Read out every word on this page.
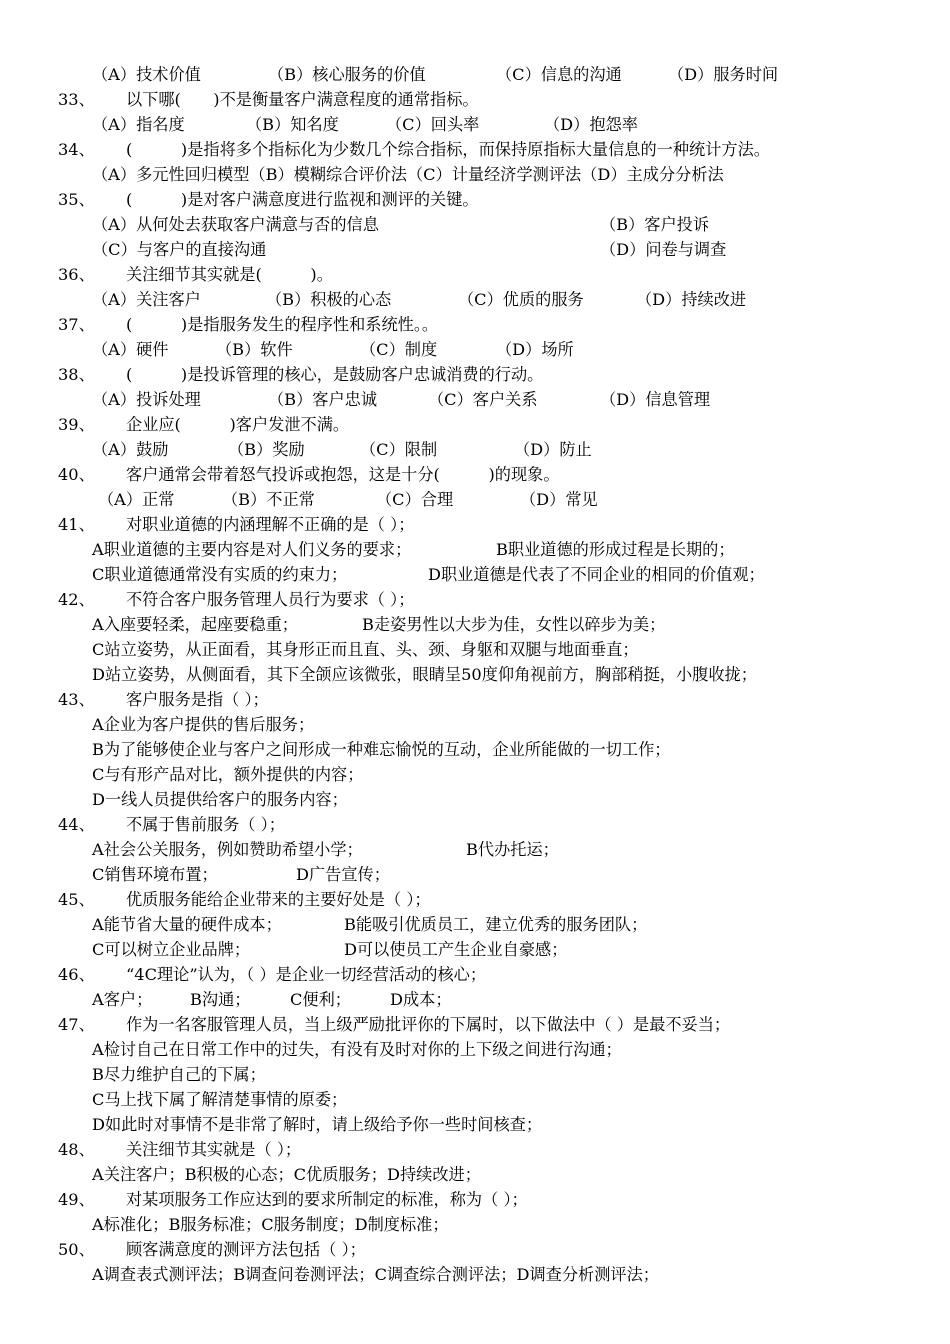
（A）技术价值	（B）核心服务的价值	（C）信息的沟通	（D）服务时间
33、 以下哪(　　)不是衡量客户满意程度的通常指标。
（A）指名度	（B）知名度	（C）回头率	（D）抱怨率
34、 (　　　)是指将多个指标化为少数几个综合指标，而保持原指标大量信息的一种统计方法。
（A）多元性回归模型（B）模糊综合评价法（C）计量经济学测评法（D）主成分分析法
35、 (　　　)是对客户满意度进行监视和测评的关键。
（A）从何处去获取客户满意与否的信息	（B）客户投诉
（C）与客户的直接沟通	（D）问卷与调查
36、 关注细节其实就是(　　　)。
（A）关注客户	（B）积极的心态	（C）优质的服务	（D）持续改进
37、 (　　　)是指服务发生的程序性和系统性。。
（A）硬件	（B）软件	（C）制度	（D）场所
38、 (　　　)是投诉管理的核心，是鼓励客户忠诚消费的行动。
（A）投诉处理	（B）客户忠诚	（C）客户关系	（D）信息管理
39、 企业应(　　　)客户发泄不满。
（A）鼓励	（B）奖励	（C）限制	（D）防止
40、 客户通常会带着怒气投诉或抱怨，这是十分(　　　)的现象。
（A）正常	（B）不正常	（C）合理	（D）常见
41、 对职业道德的内涵理解不正确的是（ ）；
A职业道德的主要内容是对人们义务的要求；	B职业道德的形成过程是长期的；
C职业道德通常没有实质的约束力；	D职业道德是代表了不同企业的相同的价值观；
42、 不符合客户服务管理人员行为要求（ ）；
A入座要轻柔，起座要稳重；	B走姿男性以大步为佳，女性以碎步为美；
C站立姿势，从正面看，其身形正而且直、头、颈、身躯和双腿与地面垂直；
D站立姿势，从侧面看，其下全颌应该微张，眼睛呈50度仰角视前方，胸部稍挺，小腹收拢；
43、 客户服务是指（ ）；
A企业为客户提供的售后服务；
B为了能够使企业与客户之间形成一种难忘愉悦的互动，企业所能做的一切工作；
C与有形产品对比，额外提供的内容；
D一线人员提供给客户的服务内容；
44、 不属于售前服务（ ）；
A社会公关服务，例如赞助希望小学；	B代办托运；
C销售环境布置；	D广告宣传；
45、 优质服务能给企业带来的主要好处是（ ）；
A能节省大量的硬件成本；	B能吸引优质员工，建立优秀的服务团队；
C可以树立企业品牌；	D可以使员工产生企业自豪感；
46、 “4C理论”认为，（ ）是企业一切经营活动的核心；
A客户； B沟通； C便利； D成本；
47、 作为一名客服管理人员，当上级严励批评你的下属时，以下做法中（ ）是最不妥当；
A检讨自己在日常工作中的过失，有没有及时对你的上下级之间进行沟通；
B尽力维护自己的下属；
C马上找下属了解清楚事情的原委；
D如此时对事情不是非常了解时，请上级给予你一些时间核查；
48、 关注细节其实就是（ ）；
A关注客户；B积极的心态；C优质服务；D持续改进；
49、 对某项服务工作应达到的要求所制定的标准，称为（ ）；
A标准化；B服务标准；C服务制度；D制度标准；
50、 顾客满意度的测评方法包括（ ）；
A调查表式测评法；B调查问卷测评法；C调查综合测评法；D调查分析测评法；
